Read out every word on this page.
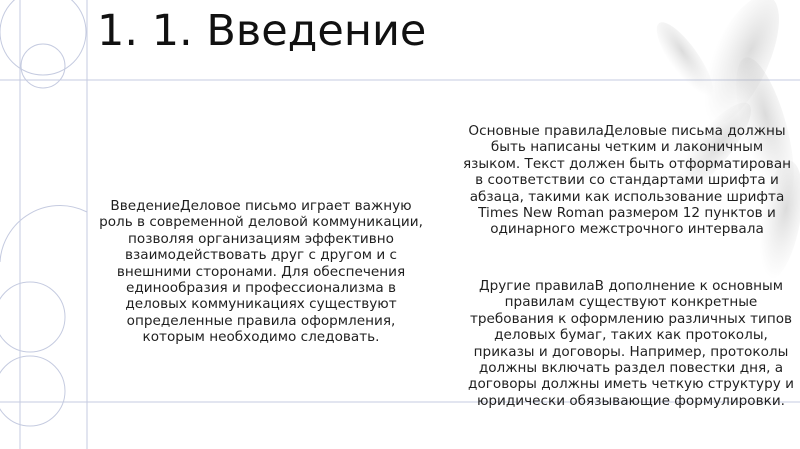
1. 1. Введение

ВведениеДеловое письмо играет важную роль в современной деловой коммуникации, позволяя организациям эффективно взаимодействовать друг с другом и с внешними сторонами. Для обеспечения единообразия и профессионализма в деловых коммуникациях существуют определенные правила оформления, которым необходимо следовать.

Основные правилаДеловые письма должны быть написаны четким и лаконичным языком. Текст должен быть отформатирован в соответствии со стандартами шрифта и абзаца, такими как использование шрифта Times New Roman размером 12 пунктов и одинарного межстрочного интервала

Другие правилаВ дополнение к основным правилам существуют конкретные требования к оформлению различных типов деловых бумаг, таких как протоколы, приказы и договоры. Например, протоколы должны включать раздел повестки дня, а договоры должны иметь четкую структуру и юридически обязывающие формулировки.
